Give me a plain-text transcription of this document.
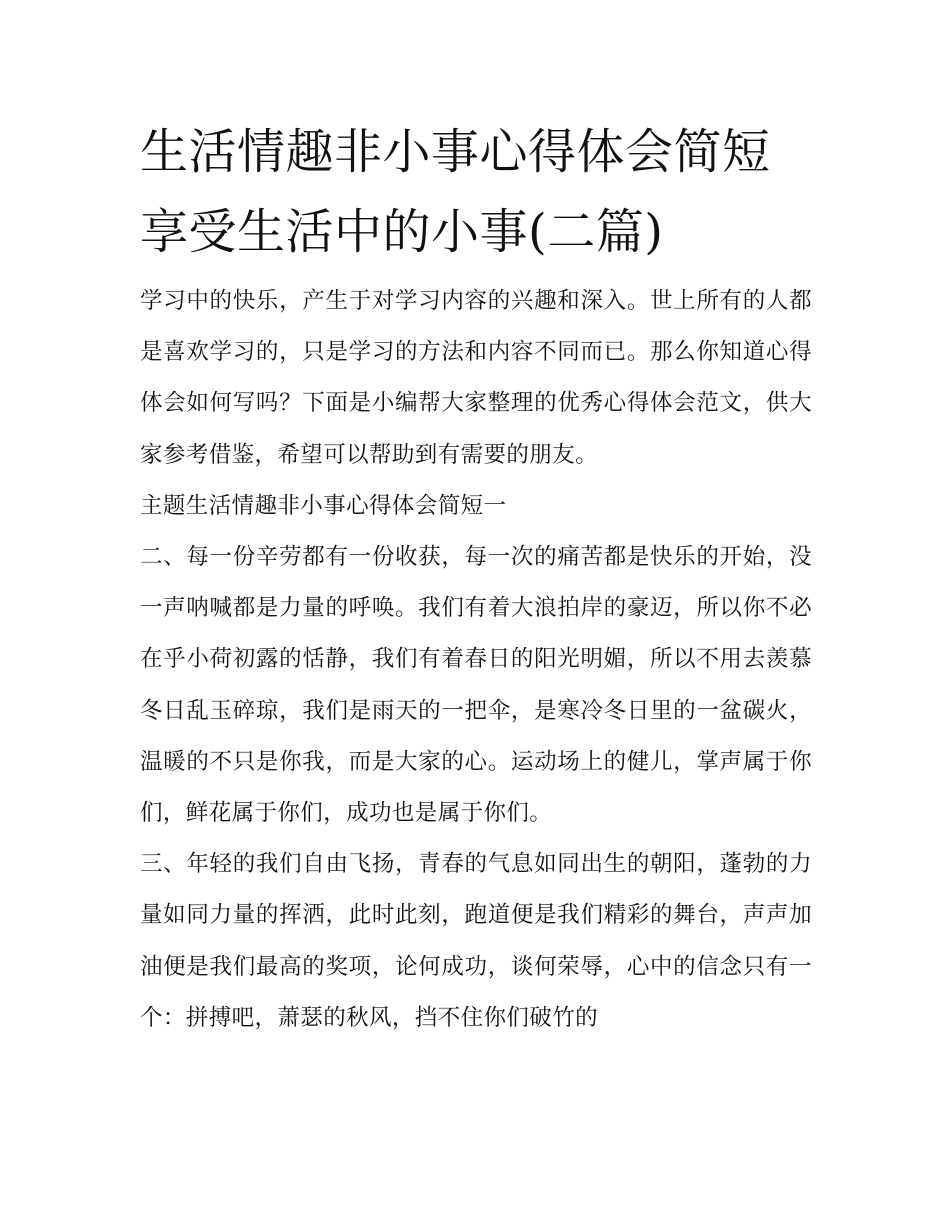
生活情趣非小事心得体会简短
享受生活中的小事(二篇)

学习中的快乐，产生于对学习内容的兴趣和深入。世上所有的人都是喜欢学习的，只是学习的方法和内容不同而已。那么你知道心得体会如何写吗？下面是小编帮大家整理的优秀心得体会范文，供大家参考借鉴，希望可以帮助到有需要的朋友。

主题生活情趣非小事心得体会简短一

二、每一份辛劳都有一份收获，每一次的痛苦都是快乐的开始，没一声呐喊都是力量的呼唤。我们有着大浪拍岸的豪迈，所以你不必在乎小荷初露的恬静，我们有着春日的阳光明媚，所以不用去羡慕冬日乱玉碎琼，我们是雨天的一把伞，是寒冷冬日里的一盆碳火，温暖的不只是你我，而是大家的心。运动场上的健儿，掌声属于你们，鲜花属于你们，成功也是属于你们。

三、年轻的我们自由飞扬，青春的气息如同出生的朝阳，蓬勃的力量如同力量的挥洒，此时此刻，跑道便是我们精彩的舞台，声声加油便是我们最高的奖项，论何成功，谈何荣辱，心中的信念只有一个：拼搏吧，萧瑟的秋风，挡不住你们破竹的
